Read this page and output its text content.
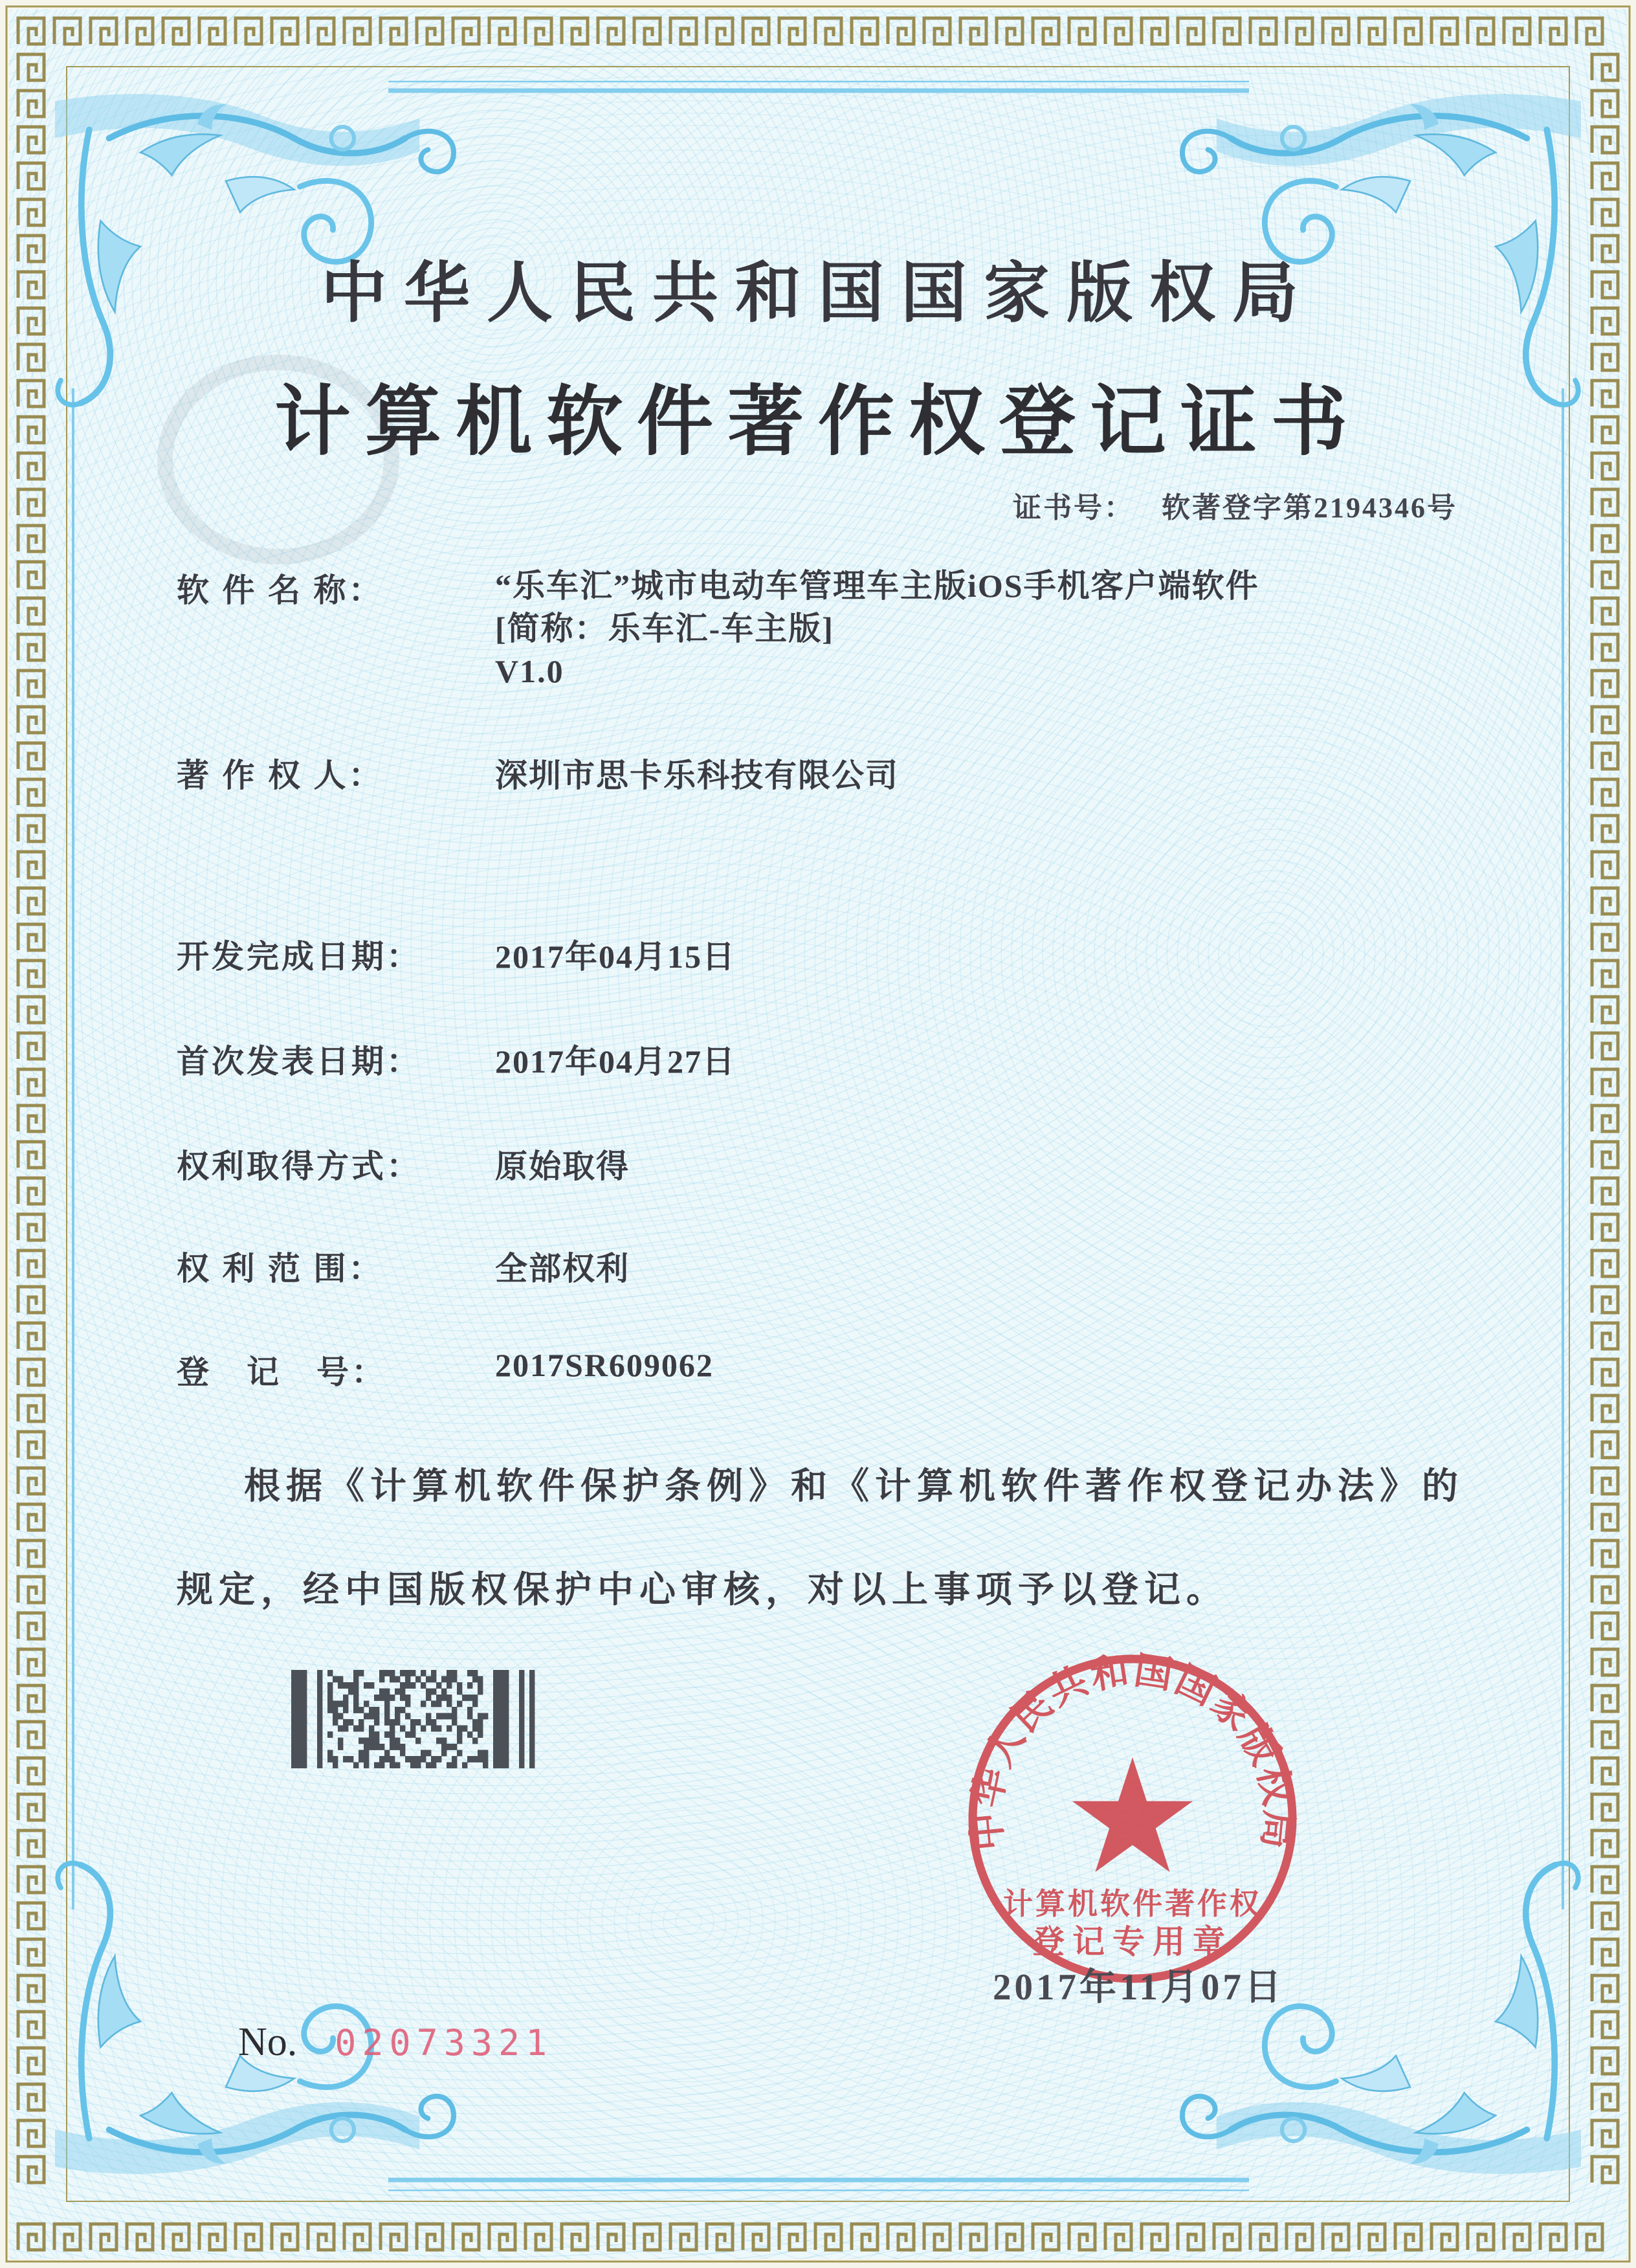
中华人民共和国国家版权局
计算机软件著作权登记证书
证书号： 软著登字第2194346号
软 件 名 称：	“乐车汇”城市电动车管理车主版iOS手机客户端软件
[简称：乐车汇-车主版]
V1.0
著 作 权 人：	深圳市思卡乐科技有限公司
开发完成日期： 2017年04月15日
首次发表日期： 2017年04月27日
权利取得方式： 原始取得
权 利 范 围：	全部权利
登　记　号：	2017SR609062
根据《计算机软件保护条例》和《计算机软件著作权登记办法》的
规定，经中国版权保护中心审核，对以上事项予以登记。
中华人民共和国国家版权局
计算机软件著作权
登记专用章
2017年11月07日
No. 02073321
